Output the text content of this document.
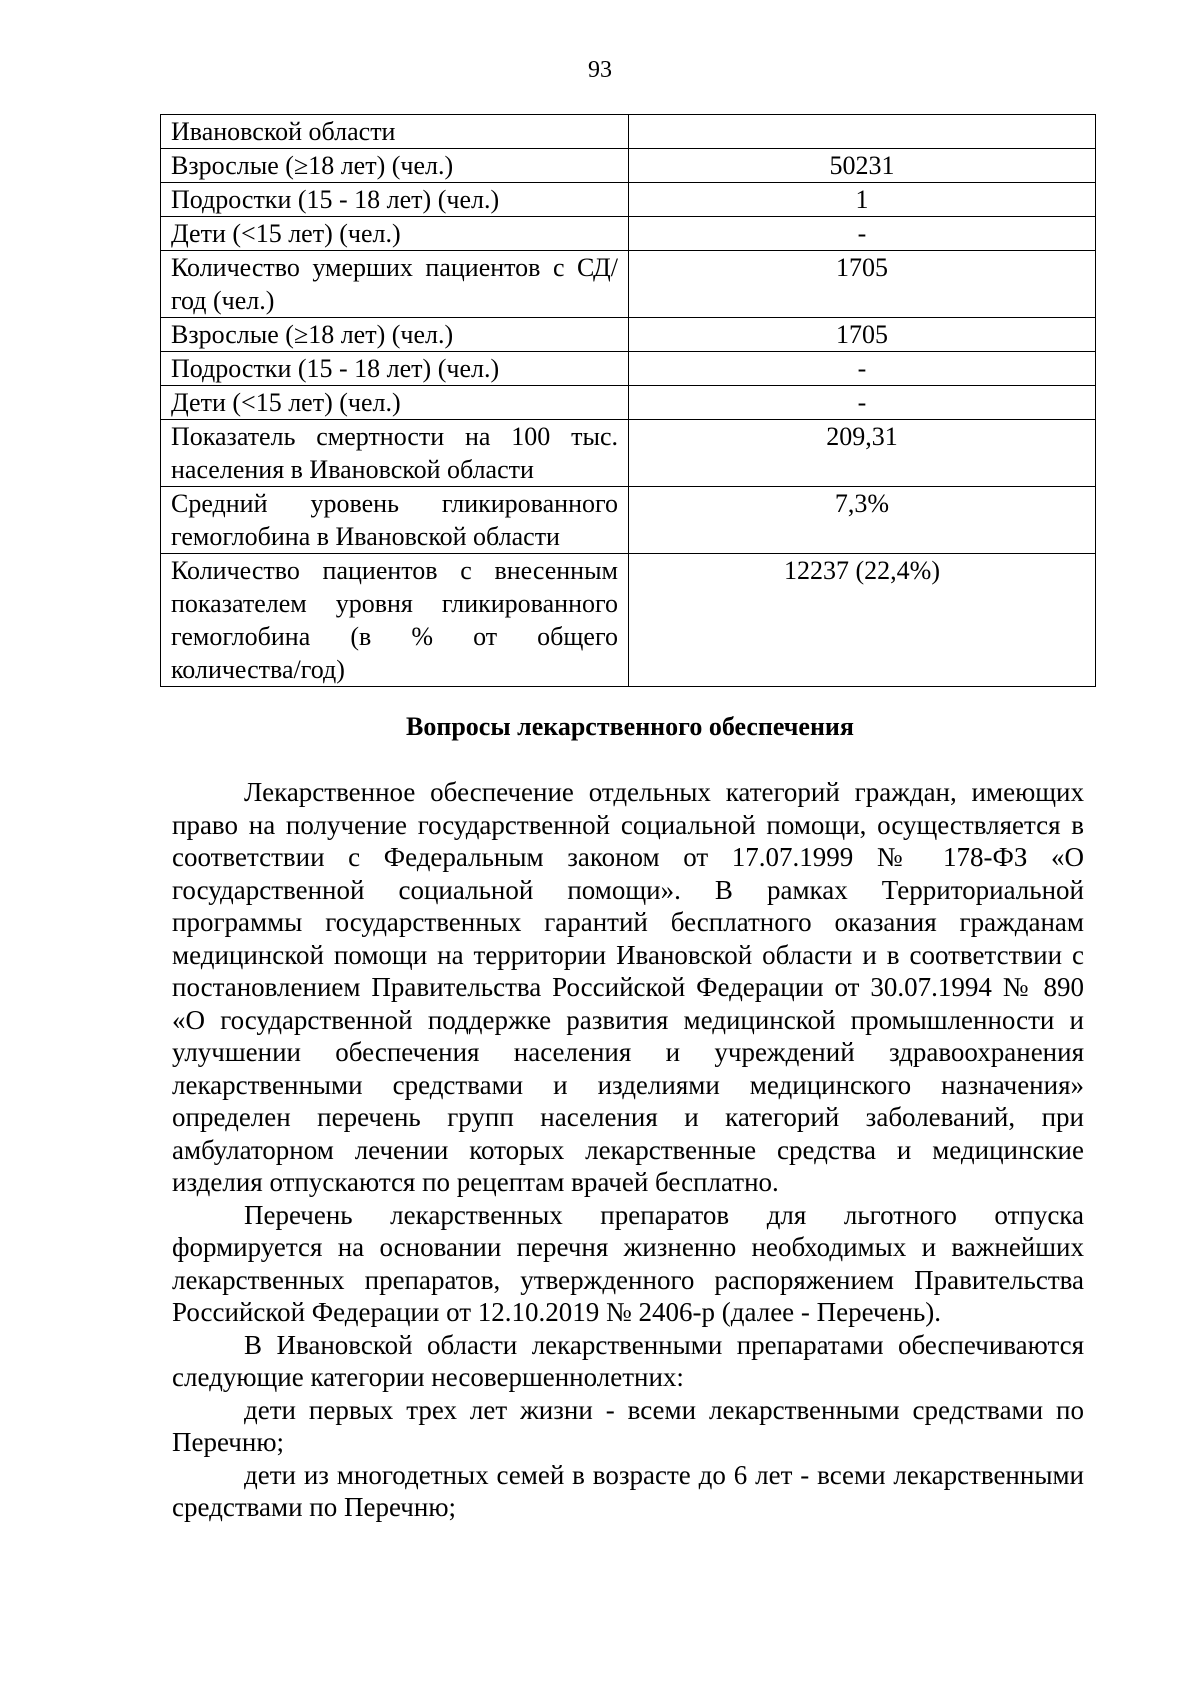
93
Ивановской области	
Взрослые (≥18 лет) (чел.)	50231
Подростки (15 - 18 лет) (чел.)	1
Дети (<15 лет) (чел.)	-
Количество умерших пациентов с СД/ год (чел.)	1705
Взрослые (≥18 лет) (чел.)	1705
Подростки (15 - 18 лет) (чел.)	-
Дети (<15 лет) (чел.)	-
Показатель смертности на 100 тыс. населения в Ивановской области	209,31
Средний уровень гликированного гемоглобина в Ивановской области	7,3%
Количество пациентов с внесенным показателем уровня гликированного гемоглобина (в % от общего количества/год)	12237 (22,4%)
Вопросы лекарственного обеспечения

Лекарственное обеспечение отдельных категорий граждан, имеющих право на получение государственной социальной помощи, осуществляется в соответствии с Федеральным законом от 17.07.1999 № 178-ФЗ «О государственной социальной помощи». В рамках Территориальной программы государственных гарантий бесплатного оказания гражданам медицинской помощи на территории Ивановской области и в соответствии с постановлением Правительства Российской Федерации от 30.07.1994 № 890 «О государственной поддержке развития медицинской промышленности и улучшении обеспечения населения и учреждений здравоохранения лекарственными средствами и изделиями медицинского назначения» определен перечень групп населения и категорий заболеваний, при амбулаторном лечении которых лекарственные средства и медицинские изделия отпускаются по рецептам врачей бесплатно.

Перечень лекарственных препаратов для льготного отпуска формируется на основании перечня жизненно необходимых и важнейших лекарственных препаратов, утвержденного распоряжением Правительства Российской Федерации от 12.10.2019 № 2406-р (далее - Перечень).

В Ивановской области лекарственными препаратами обеспечиваются следующие категории несовершеннолетних:

дети первых трех лет жизни - всеми лекарственными средствами по Перечню;

дети из многодетных семей в возрасте до 6 лет - всеми лекарственными средствами по Перечню;
